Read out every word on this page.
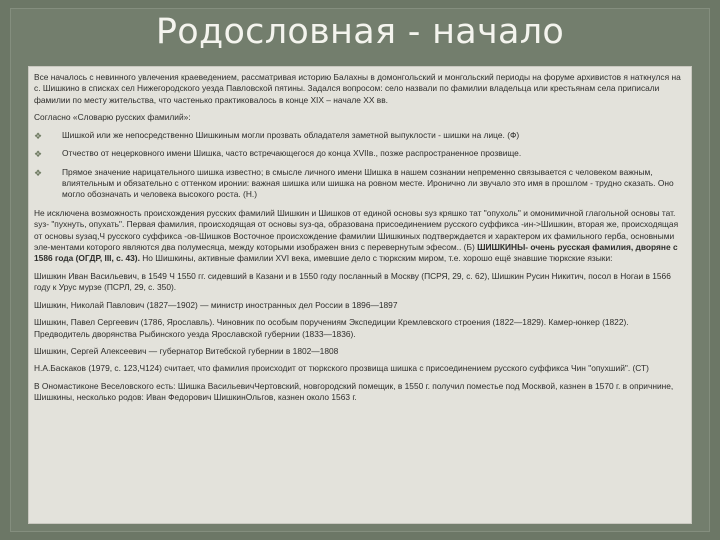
Родословная - начало

Все началось с невинного увлечения краеведением, рассматривая историю Балахны в домонгольский и монгольский периоды на форуме архивистов я наткнулся на с. Шишкино в списках сел Нижегородского уезда Павловской пятины. Задался вопросом: село назвали по фамилии владельца или крестьянам села приписали фамилии по месту жительства, что частенько практиковалось в конце XIX – начале XX вв.

Согласно «Словарю русских фамилий»:

❖ Шишкой или же непосредственно Шишкиным могли прозвать обладателя заметной выпуклости - шишки на лице. (Ф)
❖ Отчество от нецерковного имени Шишка, часто встречающегося до конца XVIIв., позже распространенное прозвище.
❖ Прямое значение нарицательного шишка известно; в смысле личного имени Шишка в нашем сознании непременно связывается с человеком важным, влиятельным и обязательно с оттенком иронии: важная шишка или шишка на ровном месте. Иронично ли звучало это имя в прошлом - трудно сказать. Оно могло обозначать и человека высокого роста. (Н.)

Не исключена возможность происхождения русских фамилий Шишкин и Шишков от единой основы sуз кряшко тат "опухоль" и омонимичной глагольной основы тат. sуз- "пухнуть, опухать". Первая фамилия, происходящая от основы sуз-qа, образована присоединением русского суффикса -ин->Шишкин, вторая же, происходящая от основы sузаq,Ч русского суффикса -ов-Шишков Восточное происхождение фамилии Шишкиных подтверждается и характером их фамильного герба, основными эле-ментами которого являются два полумесяца, между которыми изображен вниз с перевернутым эфесом.. (Б) ШИШКИНЫ- очень русская фамилия, дворяне с 1586 года (ОГДР, III, с. 43). Но Шишкины, активные фамилии XVI века, имевшие дело с тюркским миром, т.е. хорошо ещё знавшие тюркские языки:

Шишкин Иван Васильевич, в 1549 Ч 1550 гг. сидевший в Казани и в 1550 году посланный в Москву (ПСРЯ, 29, с. 62), Шишкин Русин Никитич, посол в Ногаи в 1566 году к Урус мурзе (ПСРЛ, 29, с. 350).

Шишкин, Николай Павлович (1827—1902) — министр иностранных дел России в 1896—1897

Шишкин, Павел Сергеевич (1786, Ярославль). Чиновник по особым поручениям Экспедиции Кремлевского строения (1822—1829). Камер-юнкер (1822). Предводитель дворянства Рыбинского уезда Ярославской губернии (1833—1836).

Шишкин, Сергей Алексеевич — губернатор Витебской губернии в 1802—1808

Н.А.Баскаков (1979, с. 123,Ч124) считает, что фамилия происходит от тюркского прозвища шишка с присоединением русского суффикса Чин "опухший". (СТ)

В Ономастиконе Веселовского есть: Шишка ВасильевичЧертовский, новгородский помещик, в 1550 г. получил поместье под Москвой, казнен в 1570 г. в опричнине, Шишкины, несколько родов: Иван Федорович ШишкинОльгов, казнен около 1563 г.
